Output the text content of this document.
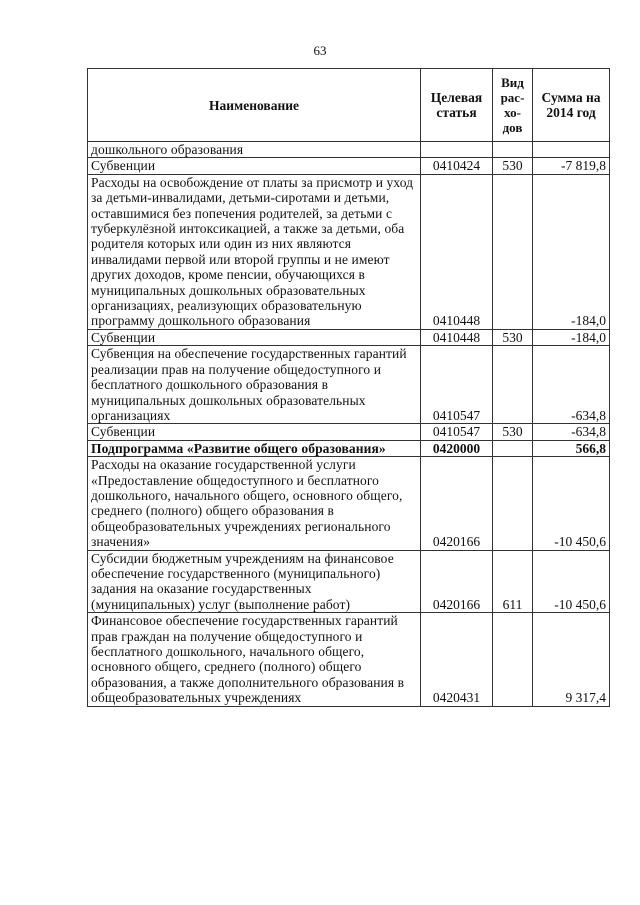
63
Наименование	Целевая статья	Вид рас-хо-дов	Сумма на 2014 год
дошкольного образования			
Субвенции	0410424	530	-7 819,8
Расходы на освобождение от платы за присмотр и уход за детьми-инвалидами, детьми-сиротами и детьми, оставшимися без попечения родителей, за детьми с туберкулёзной интоксикацией, а также за детьми, оба родителя которых или один из них являются инвалидами первой или второй группы и не имеют других доходов, кроме пенсии, обучающихся в муниципальных дошкольных образовательных организациях, реализующих образовательную программу дошкольного образования	0410448		-184,0
Субвенции	0410448	530	-184,0
Субвенция на обеспечение государственных гарантий реализации прав на получение общедоступного и бесплатного дошкольного образования в муниципальных дошкольных образовательных организациях	0410547		-634,8
Субвенции	0410547	530	-634,8
Подпрограмма «Развитие общего образования»	0420000		566,8
Расходы на оказание государственной услуги «Предоставление общедоступного и бесплатного дошкольного, начального общего, основного общего, среднего (полного) общего образования в общеобразовательных учреждениях регионального значения»	0420166		-10 450,6
Субсидии бюджетным учреждениям на финансовое обеспечение государственного (муниципального) задания на оказание государственных (муниципальных) услуг (выполнение работ)	0420166	611	-10 450,6
Финансовое обеспечение государственных гарантий прав граждан на получение общедоступного и бесплатного дошкольного, начального общего, основного общего, среднего (полного) общего образования, а также дополнительного образования в общеобразовательных учреждениях	0420431		9 317,4
